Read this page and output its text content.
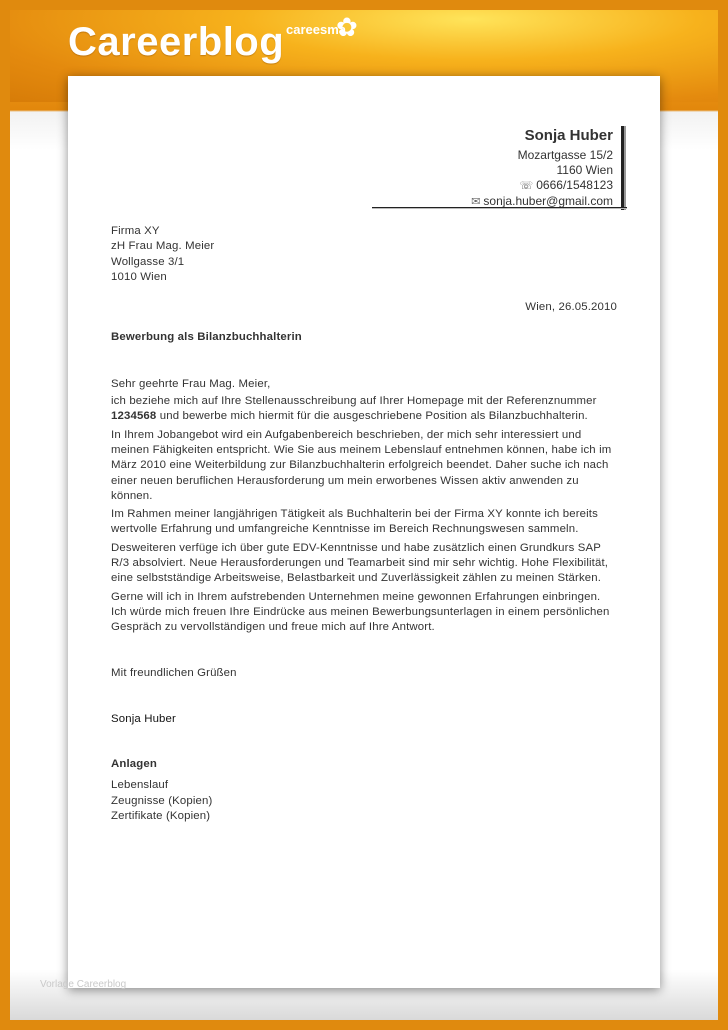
Careerblog careesma
✿
Sonja Huber
Mozartgasse 15/2
1160 Wien
☏ 0666/1548123
✉ sonja.huber@gmail.com
Firma XY
zH Frau Mag. Meier
Wollgasse 3/1
1010 Wien
Wien, 26.05.2010
Bewerbung als Bilanzbuchhalterin
Sehr geehrte Frau Mag. Meier,

ich beziehe mich auf Ihre Stellenausschreibung auf Ihrer Homepage mit der Referenznummer 1234568 und bewerbe mich hiermit für die ausgeschriebene Position als Bilanzbuchhalterin.

In Ihrem Jobangebot wird ein Aufgabenbereich beschrieben, der mich sehr interessiert und meinen Fähigkeiten entspricht. Wie Sie aus meinem Lebenslauf entnehmen können, habe ich im März 2010 eine Weiterbildung zur Bilanzbuchhalterin erfolgreich beendet. Daher suche ich nach einer neuen beruflichen Herausforderung um mein erworbenes Wissen aktiv anwenden zu können.

Im Rahmen meiner langjährigen Tätigkeit als Buchhalterin bei der Firma XY konnte ich bereits wertvolle Erfahrung und umfangreiche Kenntnisse im Bereich Rechnungswesen sammeln.

Desweiteren verfüge ich über gute EDV-Kenntnisse und habe zusätzlich einen Grundkurs SAP R/3 absolviert. Neue Herausforderungen und Teamarbeit sind mir sehr wichtig. Hohe Flexibilität, eine selbstständige Arbeitsweise, Belastbarkeit und Zuverlässigkeit zählen zu meinen Stärken.

Gerne will ich in Ihrem aufstrebenden Unternehmen meine gewonnen Erfahrungen einbringen. Ich würde mich freuen Ihre Eindrücke aus meinen Bewerbungsunterlagen in einem persönlichen Gespräch zu vervollständigen und freue mich auf Ihre Antwort.

Mit freundlichen Grüßen
Sonja Huber
Anlagen
Lebenslauf
Zeugnisse (Kopien)
Zertifikate (Kopien)
Vorlage Careerblog
